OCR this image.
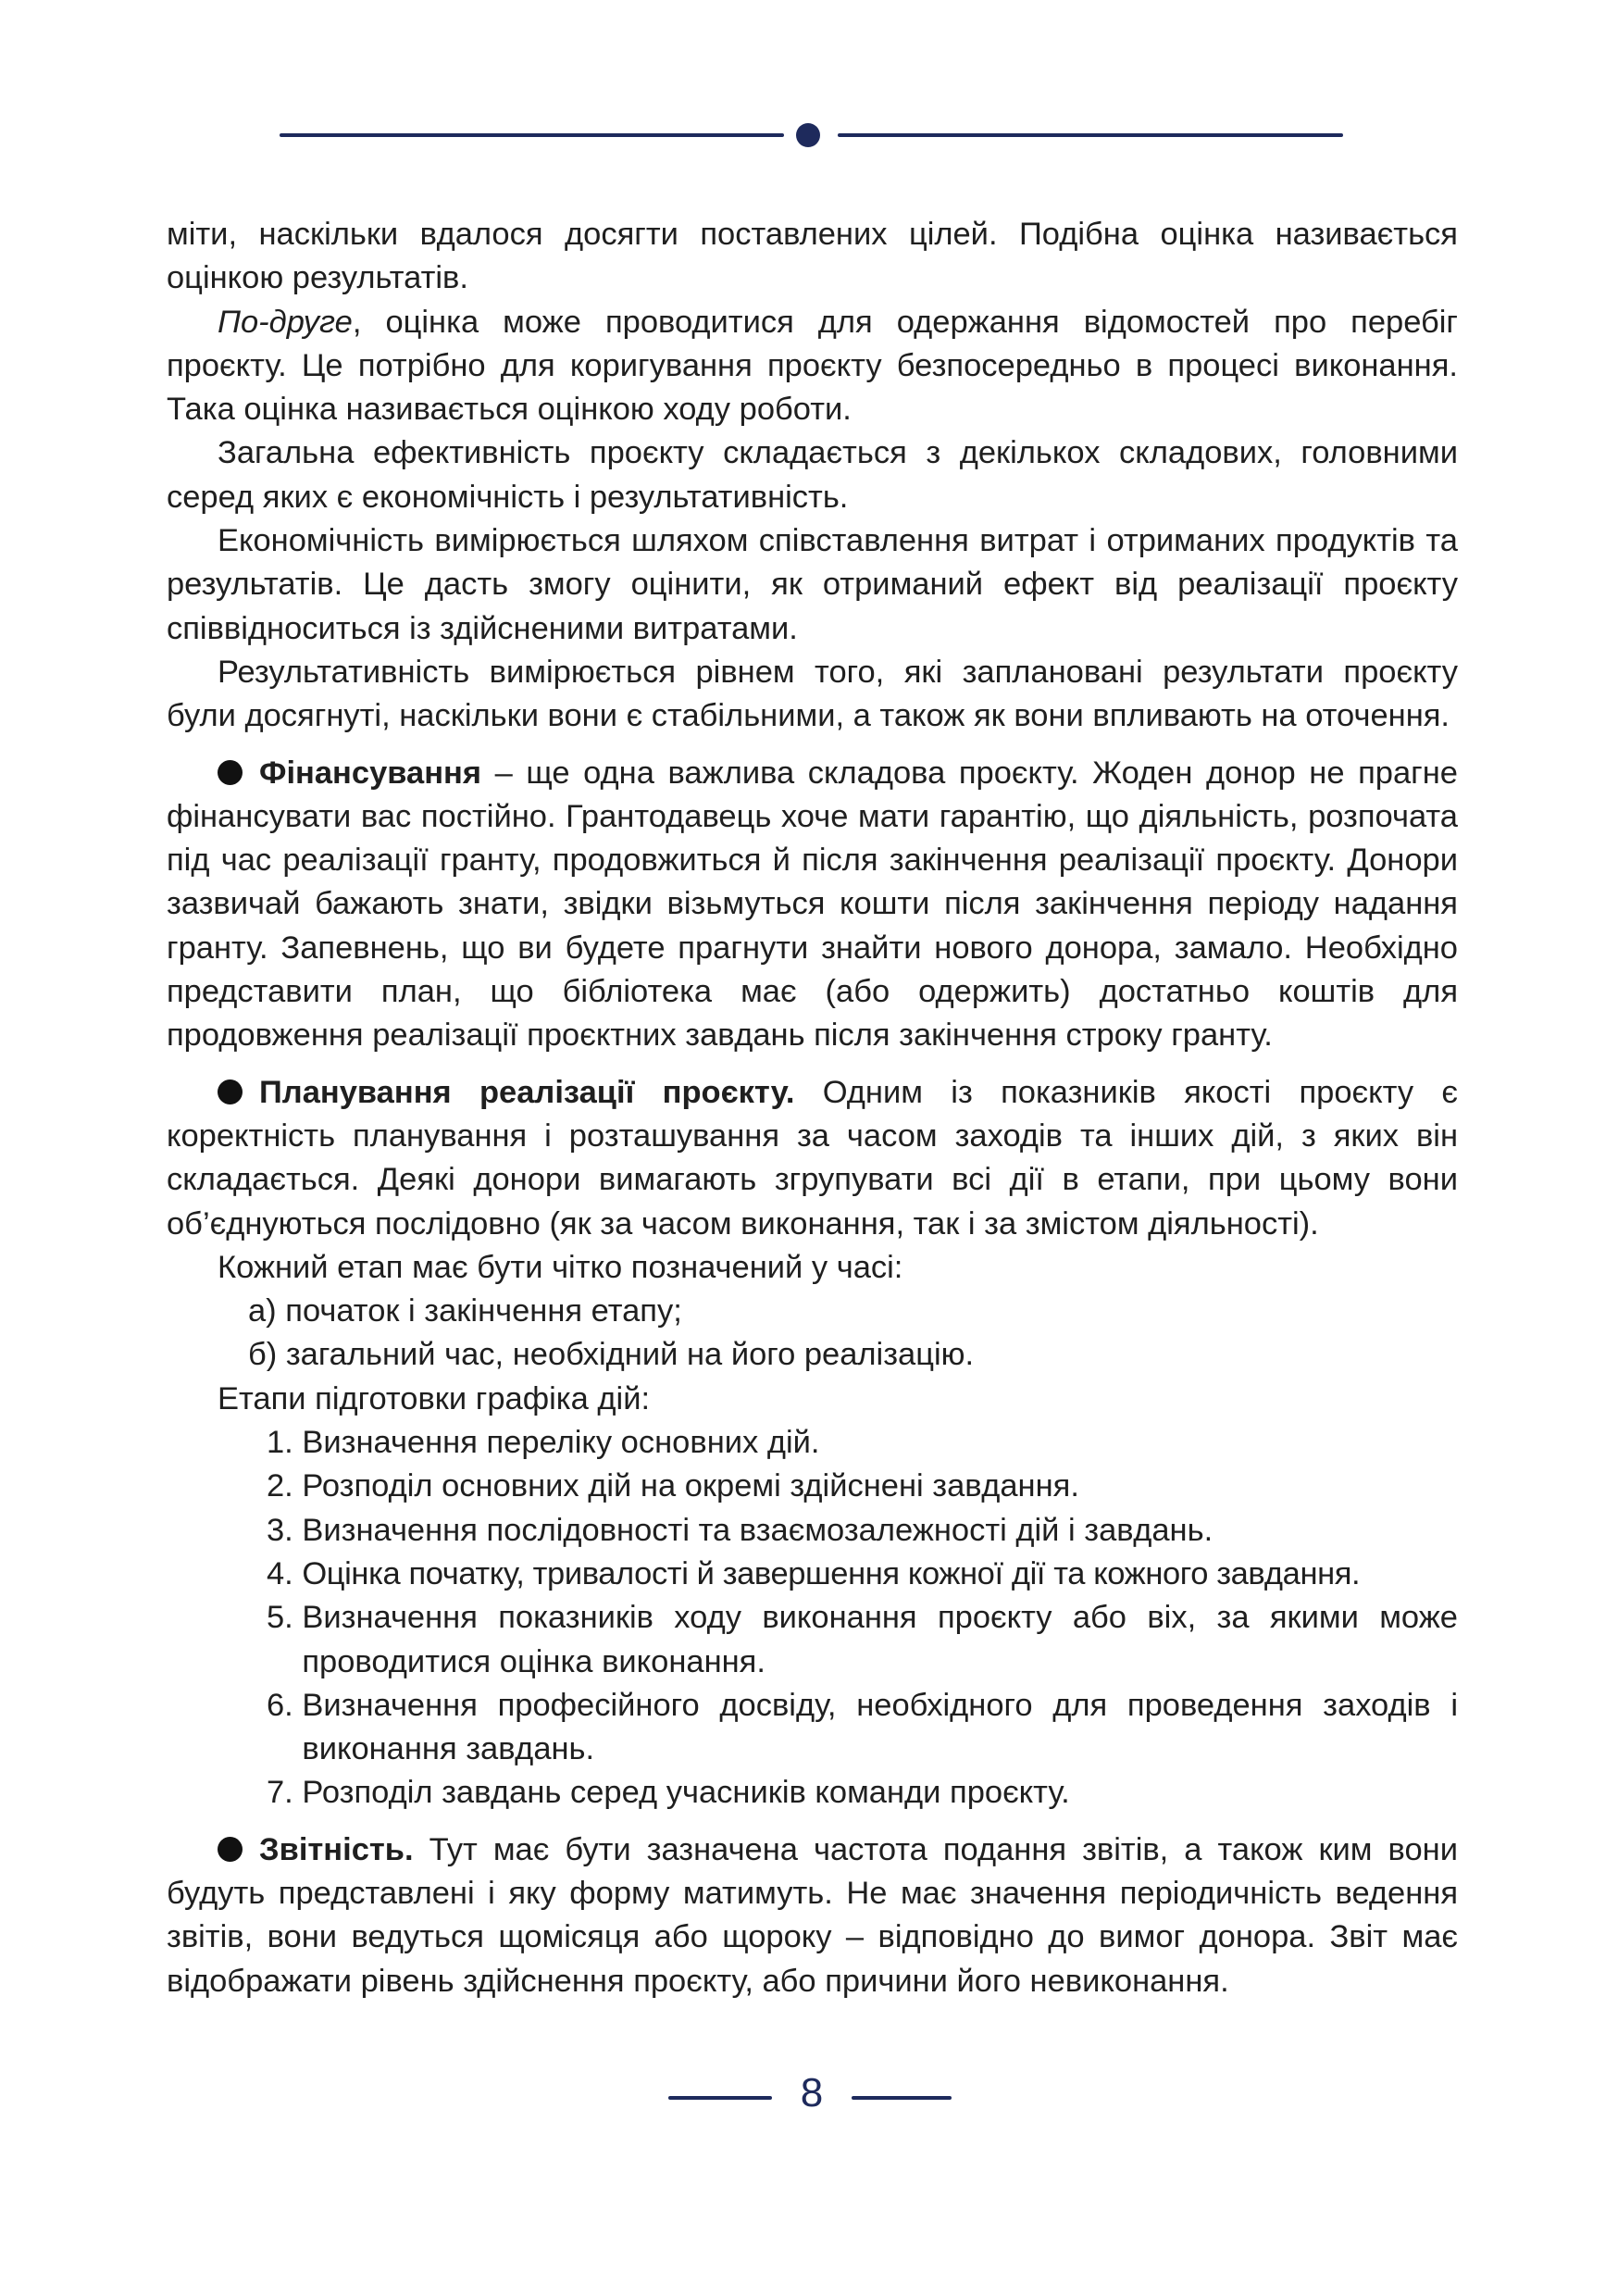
міти, наскільки вдалося досягти поставлених цілей. Подібна оцінка називається оцінкою результатів.

По-друге, оцінка може проводитися для одержання відомостей про перебіг проєкту. Це потрібно для коригування проєкту безпосередньо в процесі виконання. Така оцінка називається оцінкою ходу роботи.

Загальна ефективність проєкту складається з декількох складових, головними серед яких є економічність і результативність.

Економічність вимірюється шляхом співставлення витрат і отриманих продуктів та результатів. Це дасть змогу оцінити, як отриманий ефект від реалізації проєкту співвідноситься із здійсненими витратами.

Результативність вимірюється рівнем того, які заплановані результати проєкту були досягнуті, наскільки вони є стабільними, а також як вони впливають на оточення.

Фінансування – ще одна важлива складова проєкту. Жоден донор не прагне фінансувати вас постійно. Грантодавець хоче мати гарантію, що діяльність, розпочата під час реалізації гранту, продовжиться й після закінчення реалізації проєкту. Донори зазвичай бажають знати, звідки візьмуться кошти після закінчення періоду надання гранту. Запевнень, що ви будете прагнути знайти нового донора, замало. Необхідно представити план, що бібліотека має (або одержить) достатньо коштів для продовження реалізації проєктних завдань після закінчення строку гранту.

Планування реалізації проєкту. Одним із показників якості проєкту є коректність планування і розташування за часом заходів та інших дій, з яких він складається. Деякі донори вимагають згрупувати всі дії в етапи, при цьому вони об’єднуються послідовно (як за часом виконання, так і за змістом діяльності).

Кожний етап має бути чітко позначений у часі:

а) початок і закінчення етапу;

б) загальний час, необхідний на його реалізацію.

Етапи підготовки графіка дій:

1. Визначення переліку основних дій.
2. Розподіл основних дій на окремі здійснені завдання.
3. Визначення послідовності та взаємозалежності дій і завдань.
4. Оцінка початку, тривалості й завершення кожної дії та кожного завдання.
5. Визначення показників ходу виконання проєкту або віх, за якими може проводитися оцінка виконання.
6. Визначення професійного досвіду, необхідного для проведення заходів і виконання завдань.
7. Розподіл завдань серед учасників команди проєкту.

Звітність. Тут має бути зазначена частота подання звітів, а також ким вони будуть представлені і яку форму матимуть. Не має значення періодичність ведення звітів, вони ведуться щомісяця або щороку – відповідно до вимог донора. Звіт має відображати рівень здійснення проєкту, або причини його невиконання.

8
